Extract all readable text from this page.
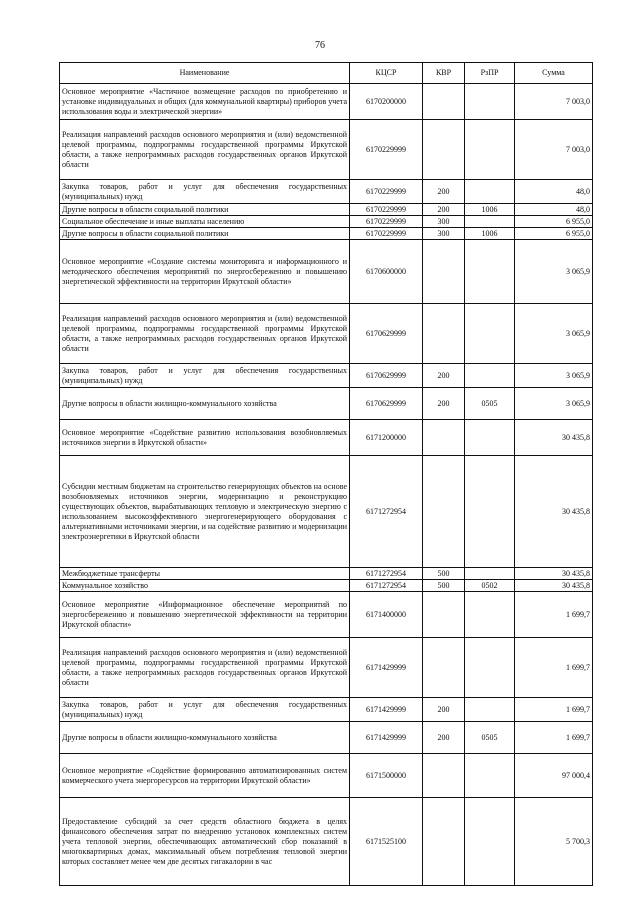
76
Наименование	КЦСР	КВР	РзПР	Сумма
Основное мероприятие «Частичное возмещение расходов по приобретению и установке индивидуальных и общих (для коммунальной квартиры) приборов учета использования воды и электрической энергии»	6170200000			7 003,0
Реализация направлений расходов основного мероприятия и (или) ведомственной целевой программы, подпрограммы государственной программы Иркутской области, а также непрограммных расходов государственных органов Иркутской области	6170229999			7 003,0
Закупка товаров, работ и услуг для обеспечения государственных (муниципальных) нужд	6170229999	200		48,0
Другие вопросы в области социальной политики	6170229999	200	1006	48,0
Социальное обеспечение и иные выплаты населению	6170229999	300		6 955,0
Другие вопросы в области социальной политики	6170229999	300	1006	6 955,0
Основное мероприятие «Создание системы мониторинга и информационного и методического обеспечения мероприятий по энергосбережению и повышению энергетической эффективности на территории Иркутской области»	6170600000			3 065,9
Реализация направлений расходов основного мероприятия и (или) ведомственной целевой программы, подпрограммы государственной программы Иркутской области, а также непрограммных расходов государственных органов Иркутской области	6170629999			3 065,9
Закупка товаров, работ и услуг для обеспечения государственных (муниципальных) нужд	6170629999	200		3 065,9
Другие вопросы в области жилищно-коммунального хозяйства	6170629999	200	0505	3 065,9
Основное мероприятие «Содействие развитию использования возобновляемых источников энергии в Иркутской области»	6171200000			30 435,8
Субсидии местным бюджетам на строительство генерирующих объектов на основе возобновляемых источников энергии, модернизацию и реконструкцию существующих объектов, вырабатывающих тепловую и электрическую энергию с использованием высокоэффективного энергогенерирующего оборудования с альтернативными источниками энергии, и на содействие развитию и модернизации электроэнергетики в Иркутской области	6171272954			30 435,8
Межбюджетные трансферты	6171272954	500		30 435,8
Коммунальное хозяйство	6171272954	500	0502	30 435,8
Основное мероприятие «Информационное обеспечение мероприятий по энергосбережению и повышению энергетической эффективности на территории Иркутской области»	6171400000			1 699,7
Реализация направлений расходов основного мероприятия и (или) ведомственной целевой программы, подпрограммы государственной программы Иркутской области, а также непрограммных расходов государственных органов Иркутской области	6171429999			1 699,7
Закупка товаров, работ и услуг для обеспечения государственных (муниципальных) нужд	6171429999	200		1 699,7
Другие вопросы в области жилищно-коммунального хозяйства	6171429999	200	0505	1 699,7
Основное мероприятие «Содействие формированию автоматизированных систем коммерческого учета энергоресурсов на территории Иркутской области»	6171500000			97 000,4
Предоставление субсидий за счет средств областного бюджета в целях финансового обеспечения затрат по внедрению установок комплексных систем учета тепловой энергии, обеспечивающих автоматический сбор показаний в многоквартирных домах, максимальный объем потребления тепловой энергии которых составляет менее чем две десятых гигакалории в час	6171525100			5 700,3
